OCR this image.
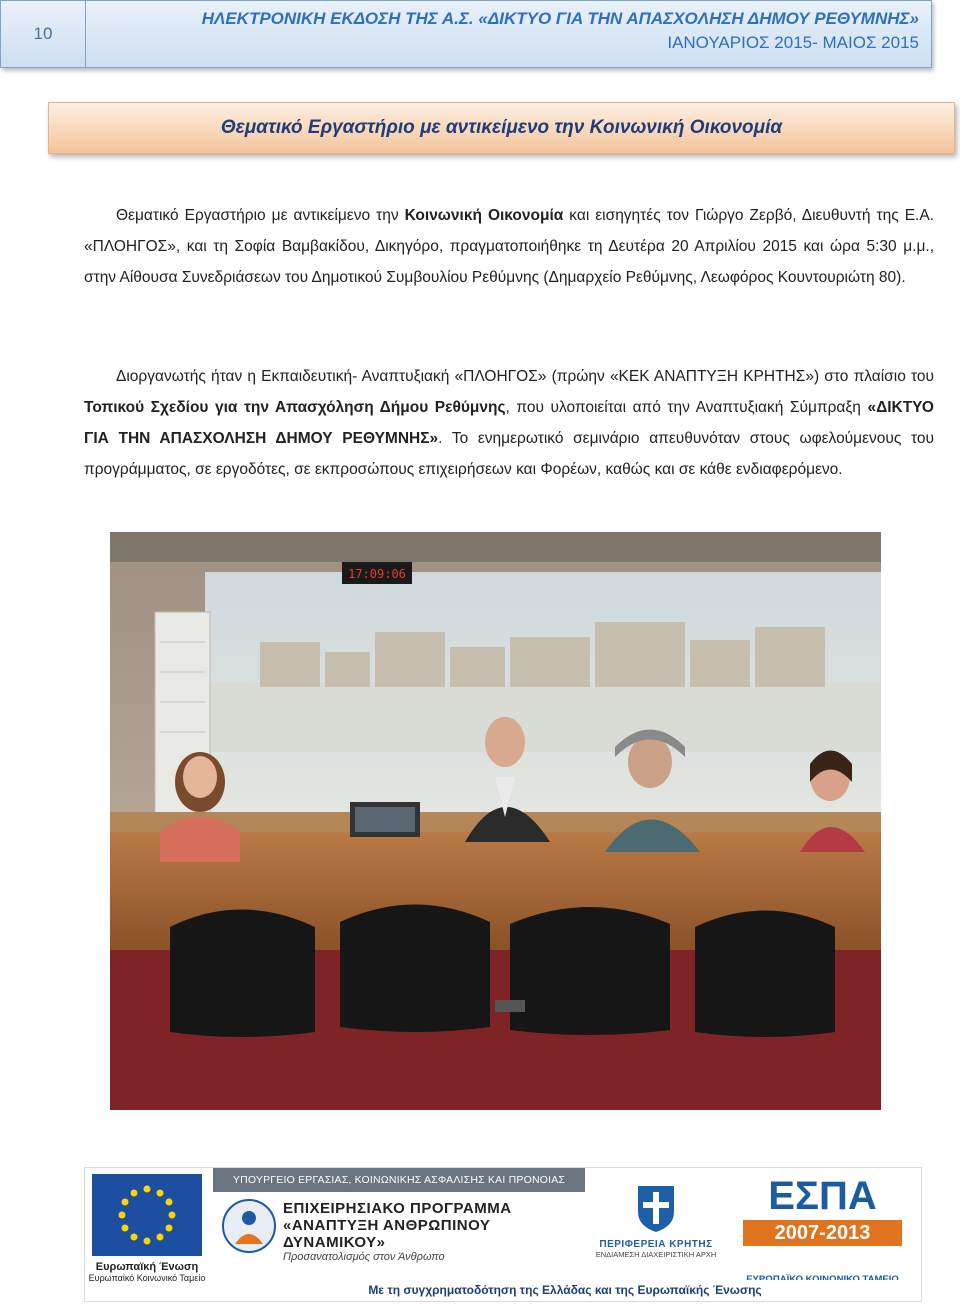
10
ΗΛΕΚΤΡΟΝΙΚΗ ΕΚΔΟΣΗ ΤΗΣ Α.Σ. «ΔΙΚΤΥΟ ΓΙΑ ΤΗΝ ΑΠΑΣΧΟΛΗΣΗ ΔΗΜΟΥ ΡΕΘΥΜΝΗΣ»
ΙΑΝΟΥΑΡΙΟΣ 2015- ΜΑΙΟΣ 2015
Θεματικό Εργαστήριο με αντικείμενο την Κοινωνική Οικονομία
Θεματικό Εργαστήριο με αντικείμενο την Κοινωνική Οικονομία και εισηγητές τον Γιώργο Ζερβό, Διευθυντή της Ε.Α. «ΠΛΟΗΓΟΣ», και τη Σοφία Βαμβακίδου, Δικηγόρο, πραγματοποιήθηκε τη Δευτέρα 20 Απριλίου 2015 και ώρα 5:30 μ.μ., στην Αίθουσα Συνεδριάσεων του Δημοτικού Συμβουλίου Ρεθύμνης (Δημαρχείο Ρεθύμνης, Λεωφόρος Κουντουριώτη 80).
Διοργανωτής ήταν η Εκπαιδευτική- Αναπτυξιακή «ΠΛΟΗΓΟΣ» (πρώην «ΚΕΚ ΑΝΑΠΤΥΞΗ ΚΡΗΤΗΣ») στο πλαίσιο του Τοπικού Σχεδίου για την Απασχόληση Δήμου Ρεθύμνης, που υλοποιείται από την Αναπτυξιακή Σύμπραξη «ΔΙΚΤΥΟ ΓΙΑ ΤΗΝ ΑΠΑΣΧΟΛΗΣΗ ΔΗΜΟΥ ΡΕΘΥΜΝΗΣ». Το ενημερωτικό σεμινάριο απευθυνόταν στους ωφελούμενους του προγράμματος, σε εργοδότες, σε εκπροσώπους επιχειρήσεων και Φορέων, καθώς και σε κάθε ενδιαφερόμενο.
17:09:06
Ευρωπαϊκή Ένωση
Ευρωπαϊκό Κοινωνικό Ταμείο
ΥΠΟΥΡΓΕΙΟ ΕΡΓΑΣΙΑΣ, ΚΟΙΝΩΝΙΚΗΣ ΑΣΦΑΛΙΣΗΣ ΚΑΙ ΠΡΟΝΟΙΑΣ
ΕΠΙΧΕΙΡΗΣΙΑΚΟ ΠΡΟΓΡΑΜΜΑ
«ΑΝΑΠΤΥΞΗ ΑΝΘΡΩΠΙΝΟΥ ΔΥΝΑΜΙΚΟΥ»
Προσανατολισμός στον Άνθρωπο
ΠΕΡΙΦΕΡΕΙΑ ΚΡΗΤΗΣ
ΕΝΔΙΑΜΕΣΗ ΔΙΑΧΕΙΡΙΣΤΙΚΗ ΑΡΧΗ
ΕΣΠΑ
2007-2013
Με τη συγχρηματοδότηση της Ελλάδας και της Ευρωπαϊκής Ένωσης
